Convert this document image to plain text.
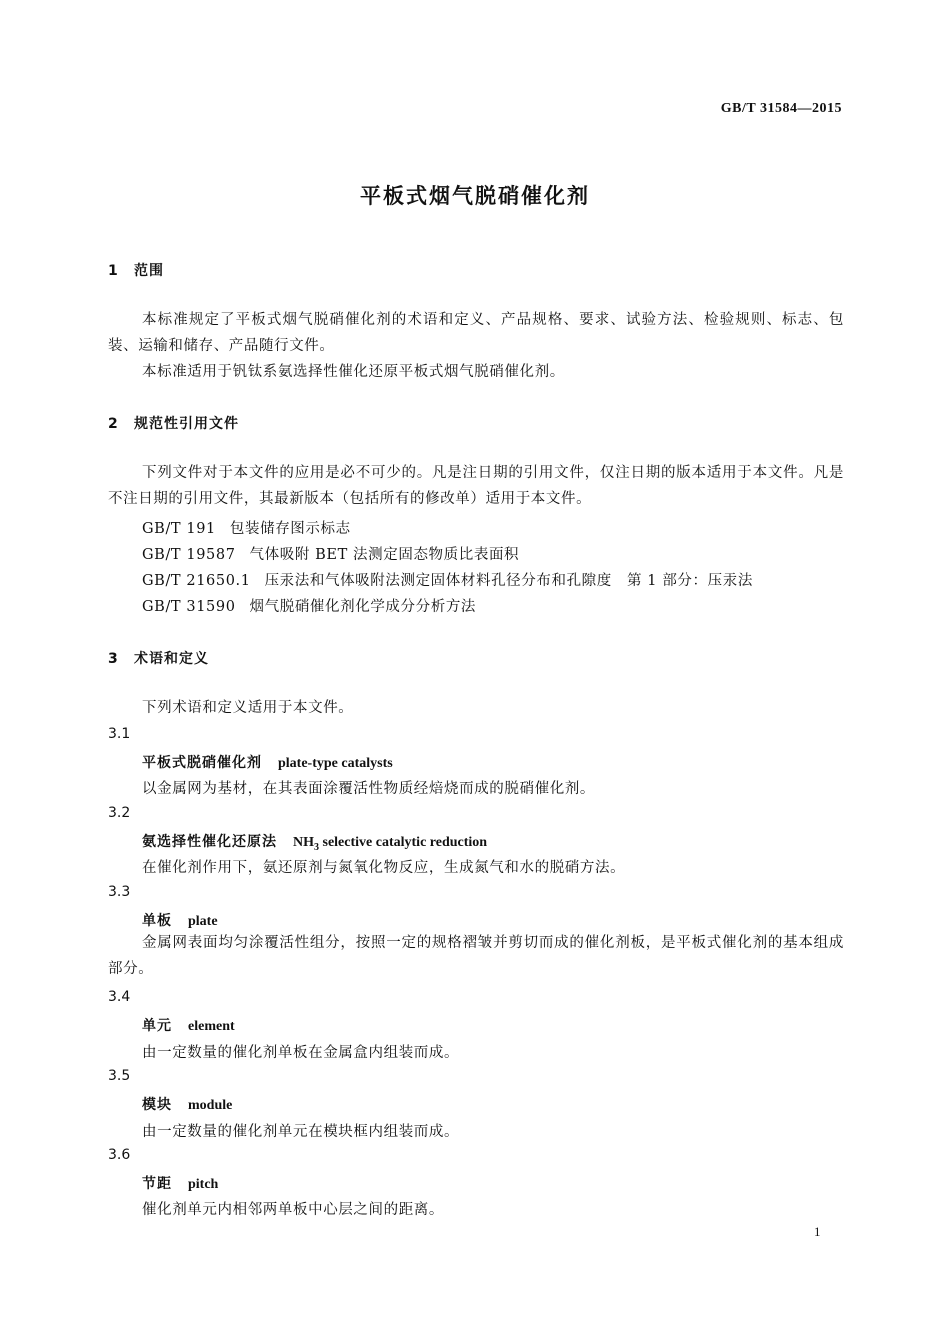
GB/T 31584—2015
平板式烟气脱硝催化剂
1 范围
本标准规定了平板式烟气脱硝催化剂的术语和定义、产品规格、要求、试验方法、检验规则、标志、包装、运输和储存、产品随行文件。
本标准适用于钒钛系氨选择性催化还原平板式烟气脱硝催化剂。
2 规范性引用文件
下列文件对于本文件的应用是必不可少的。凡是注日期的引用文件，仅注日期的版本适用于本文件。凡是不注日期的引用文件，其最新版本（包括所有的修改单）适用于本文件。
GB/T 191 包装储存图示标志
GB/T 19587 气体吸附 BET 法测定固态物质比表面积
GB/T 21650.1 压汞法和气体吸附法测定固体材料孔径分布和孔隙度　第 1 部分：压汞法
GB/T 31590 烟气脱硝催化剂化学成分分析方法
3 术语和定义
下列术语和定义适用于本文件。
3.1
平板式脱硝催化剂 plate-type catalysts
以金属网为基材，在其表面涂覆活性物质经焙烧而成的脱硝催化剂。
3.2
氨选择性催化还原法 $NH_3$ selective catalytic reduction
在催化剂作用下，氨还原剂与氮氧化物反应，生成氮气和水的脱硝方法。
3.3
单板 plate
金属网表面均匀涂覆活性组分，按照一定的规格褶皱并剪切而成的催化剂板，是平板式催化剂的基本组成部分。
3.4
单元 element
由一定数量的催化剂单板在金属盒内组装而成。
3.5
模块 module
由一定数量的催化剂单元在模块框内组装而成。
3.6
节距 pitch
催化剂单元内相邻两单板中心层之间的距离。
1
